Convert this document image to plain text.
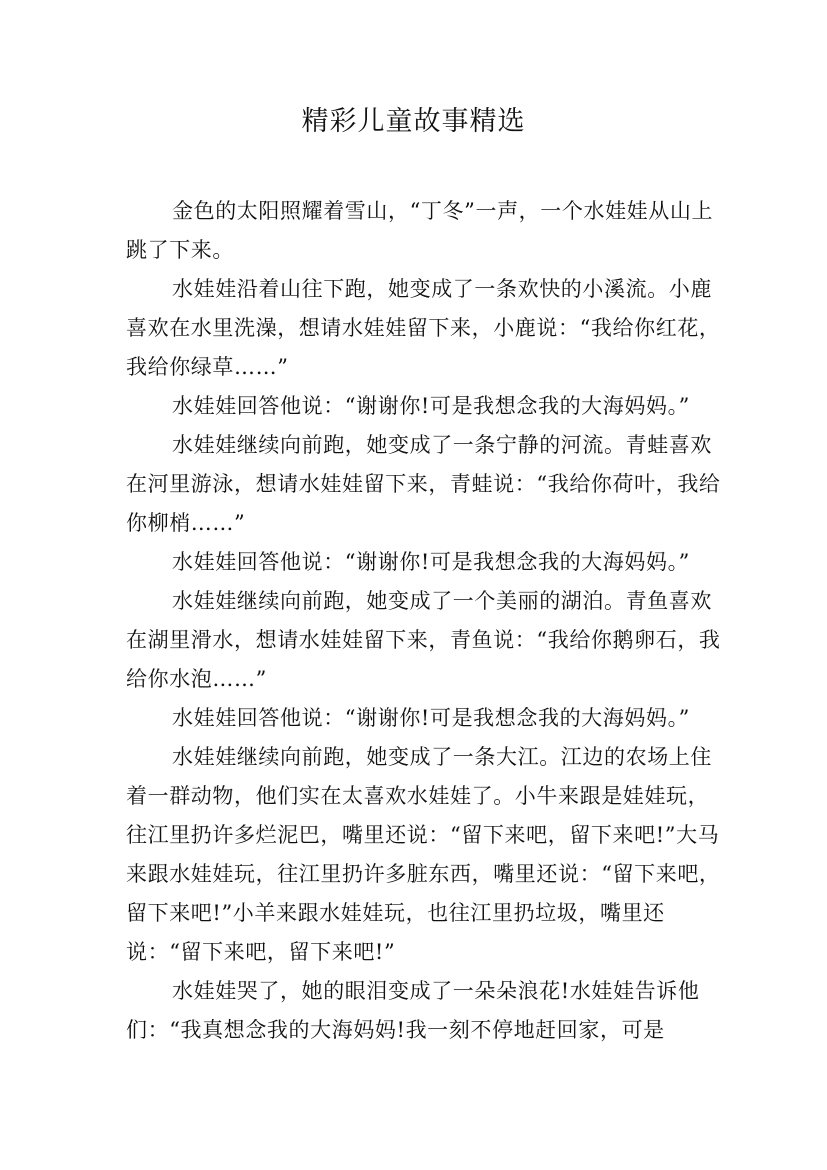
精彩儿童故事精选

金色的太阳照耀着雪山，“丁冬”一声，一个水娃娃从山上跳了下来。

水娃娃沿着山往下跑，她变成了一条欢快的小溪流。小鹿喜欢在水里洗澡，想请水娃娃留下来，小鹿说：“我给你红花，我给你绿草……”

水娃娃回答他说：“谢谢你!可是我想念我的大海妈妈。”

水娃娃继续向前跑，她变成了一条宁静的河流。青蛙喜欢在河里游泳，想请水娃娃留下来，青蛙说：“我给你荷叶，我给你柳梢……”

水娃娃回答他说：“谢谢你!可是我想念我的大海妈妈。”

水娃娃继续向前跑，她变成了一个美丽的湖泊。青鱼喜欢在湖里滑水，想请水娃娃留下来，青鱼说：“我给你鹅卵石，我给你水泡……”

水娃娃回答他说：“谢谢你!可是我想念我的大海妈妈。”

水娃娃继续向前跑，她变成了一条大江。江边的农场上住着一群动物，他们实在太喜欢水娃娃了。小牛来跟是娃娃玩，往江里扔许多烂泥巴，嘴里还说：“留下来吧，留下来吧!”大马来跟水娃娃玩，往江里扔许多脏东西，嘴里还说：“留下来吧，留下来吧!”小羊来跟水娃娃玩，也往江里扔垃圾，嘴里还说：“留下来吧，留下来吧!”

水娃娃哭了，她的眼泪变成了一朵朵浪花!水娃娃告诉他们：“我真想念我的大海妈妈!我一刻不停地赶回家，可是
